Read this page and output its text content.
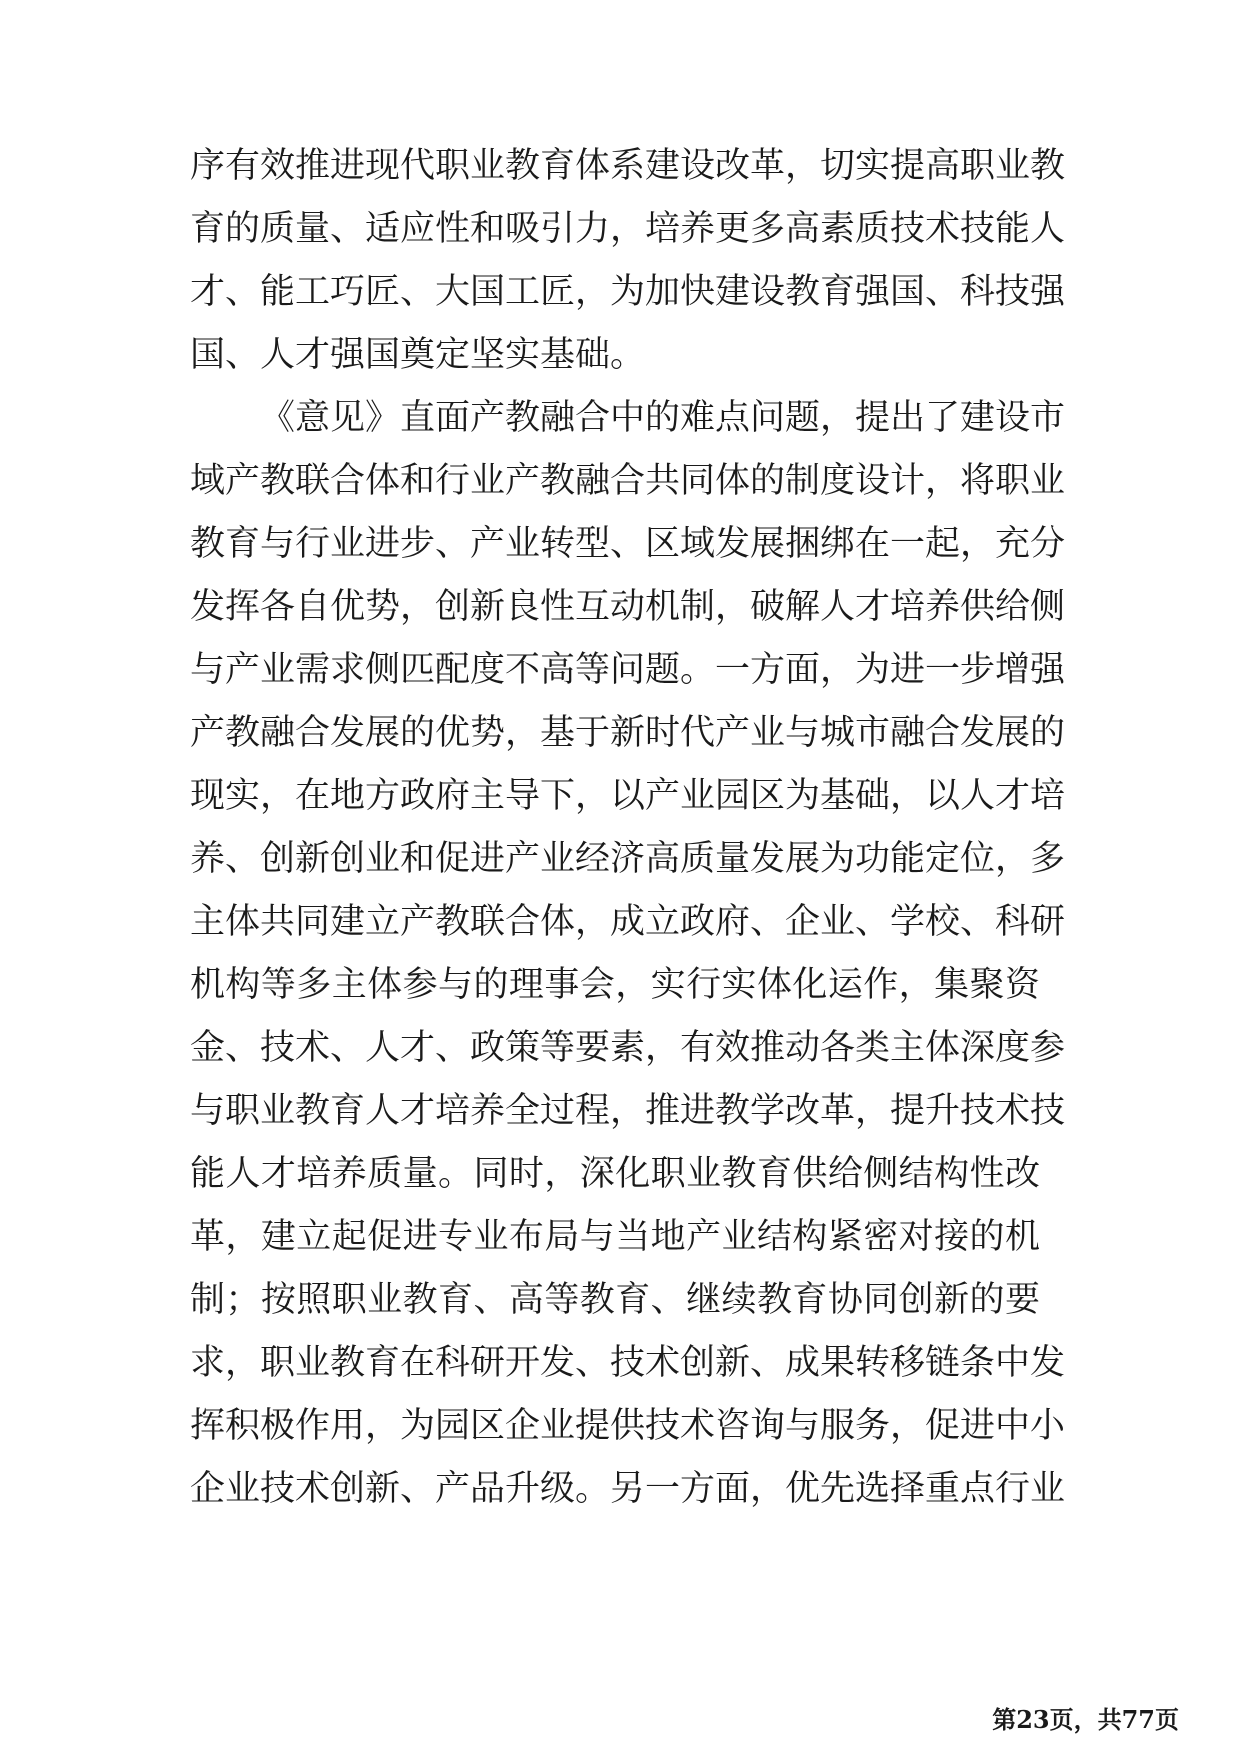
序有效推进现代职业教育体系建设改革，切实提高职业教
育的质量、适应性和吸引力，培养更多高素质技术技能人
才、能工巧匠、大国工匠，为加快建设教育强国、科技强
国、人才强国奠定坚实基础。
《意见》直面产教融合中的难点问题，提出了建设市
域产教联合体和行业产教融合共同体的制度设计，将职业
教育与行业进步、产业转型、区域发展捆绑在一起，充分
发挥各自优势，创新良性互动机制，破解人才培养供给侧
与产业需求侧匹配度不高等问题。一方面，为进一步增强
产教融合发展的优势，基于新时代产业与城市融合发展的
现实，在地方政府主导下，以产业园区为基础，以人才培
养、创新创业和促进产业经济高质量发展为功能定位，多
主体共同建立产教联合体，成立政府、企业、学校、科研
机构等多主体参与的理事会，实行实体化运作，集聚资
金、技术、人才、政策等要素，有效推动各类主体深度参
与职业教育人才培养全过程，推进教学改革，提升技术技
能人才培养质量。同时，深化职业教育供给侧结构性改
革，建立起促进专业布局与当地产业结构紧密对接的机
制；按照职业教育、高等教育、继续教育协同创新的要
求，职业教育在科研开发、技术创新、成果转移链条中发
挥积极作用，为园区企业提供技术咨询与服务，促进中小
企业技术创新、产品升级。另一方面，优先选择重点行业
第23页，共77页
